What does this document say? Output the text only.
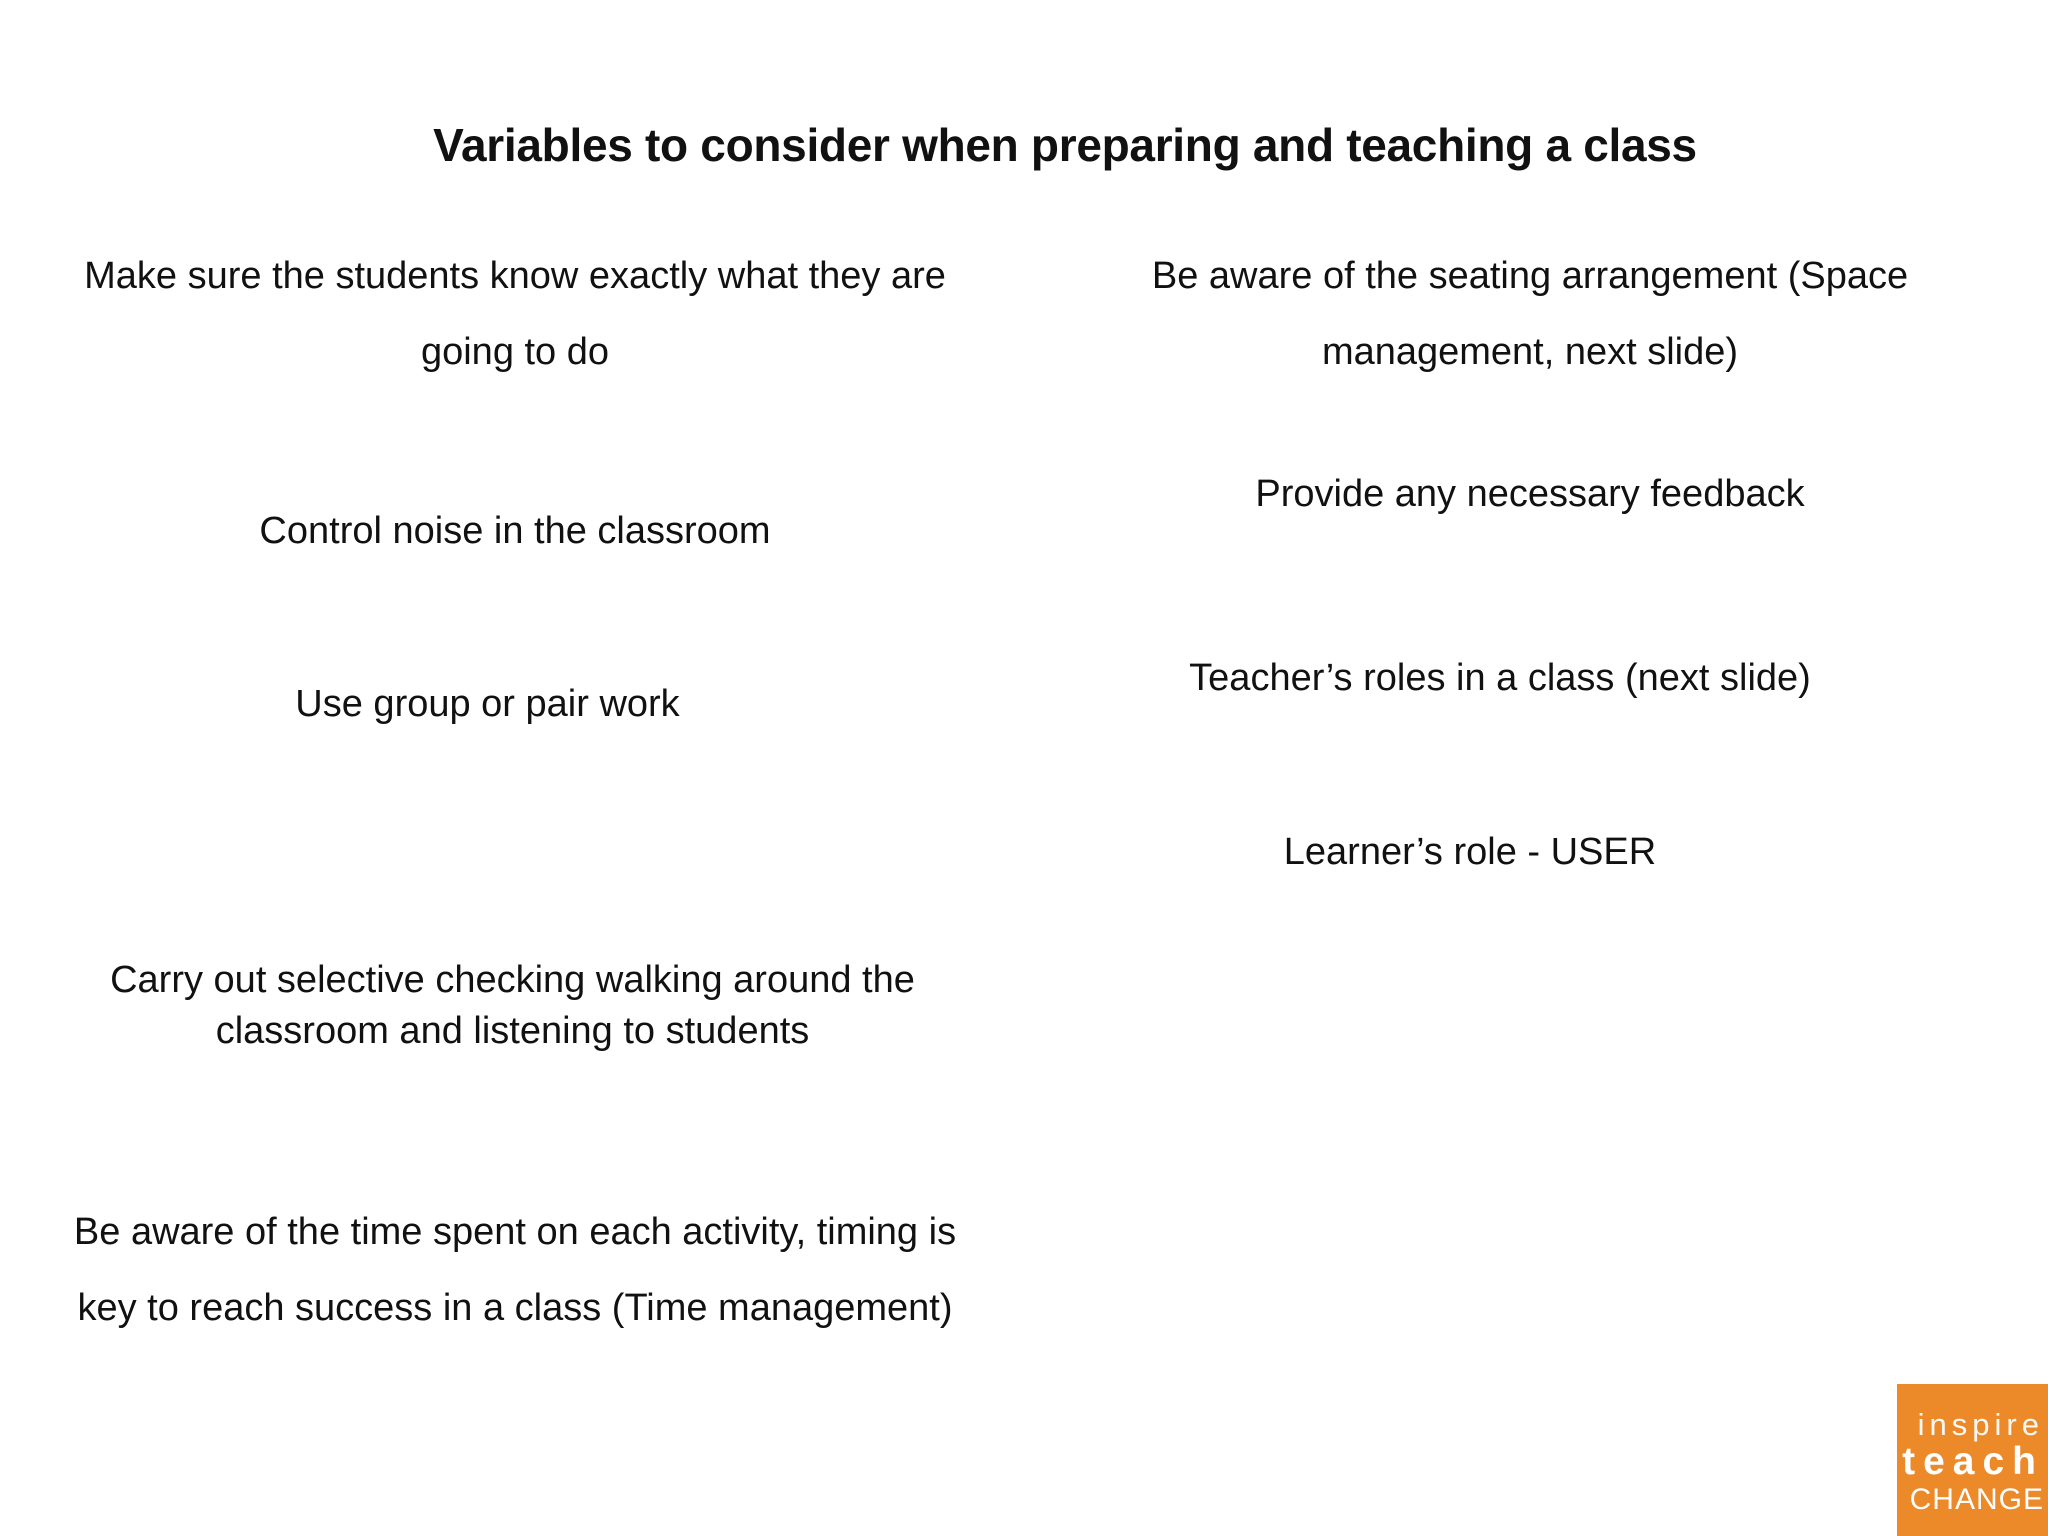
Variables to consider when preparing and teaching a class

Make sure the students know exactly what they are going to do

Control noise in the classroom

Use group or pair work

Carry out selective checking walking around the classroom and listening to students

Be aware of the time spent on each activity, timing is key to reach success in a class (Time management)

Be aware of the seating arrangement (Space management, next slide)

Provide any necessary feedback

Teacher’s roles in a class (next slide)

Learner’s role - USER

inspire
teach
CHANGE
